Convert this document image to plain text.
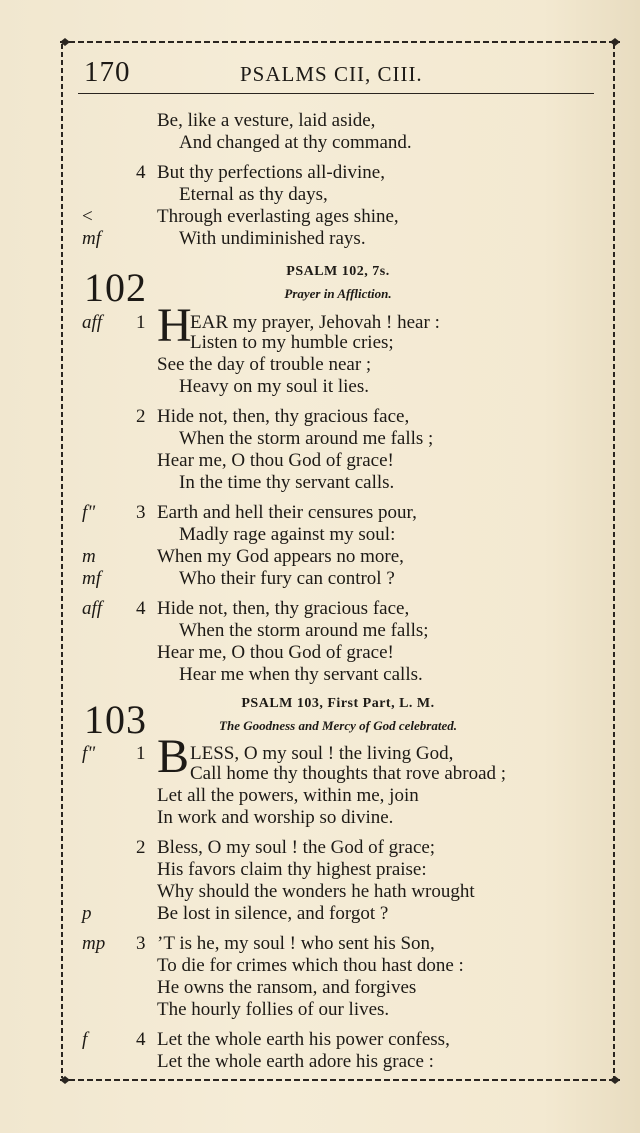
170	PSALMS CII, CIII.
Be, like a vesture, laid aside,
And changed at thy command.
4 But thy perfections all-divine,
Eternal as thy days,
<	Through everlasting ages shine,
mf	With undiminished rays.
102	PSALM 102, 7s.
Prayer in Affliction.
aff 1 H
EAR my prayer, Jehovah ! hear :
Listen to my humble cries;
See the day of trouble near ;
Heavy on my soul it lies.
2 Hide not, then, thy gracious face,
When the storm around me falls ;
Hear me, O thou God of grace!
In the time thy servant calls.
f" 3 Earth and hell their censures pour,
Madly rage against my soul:
m	When my God appears no more,
mf	Who their fury can control ?
aff 4 Hide not, then, thy gracious face,
When the storm around me falls;
Hear me, O thou God of grace!
Hear me when thy servant calls.
103	PSALM 103, First Part, L. M.
The Goodness and Mercy of God celebrated.
f" 1 B LESS, O my soul ! the living God,
Call home thy thoughts that rove abroad ;
Let all the powers, within me, join
In work and worship so divine.
2 Bless, O my soul ! the God of grace;
His favors claim thy highest praise:
Why should the wonders he hath wrought
p	Be lost in silence, and forgot ?
mp 3 ’T is he, my soul ! who sent his Son,
To die for crimes which thou hast done :
He owns the ransom, and forgives
The hourly follies of our lives.
f	4 Let the whole earth his power confess,
Let the whole earth adore his grace :
